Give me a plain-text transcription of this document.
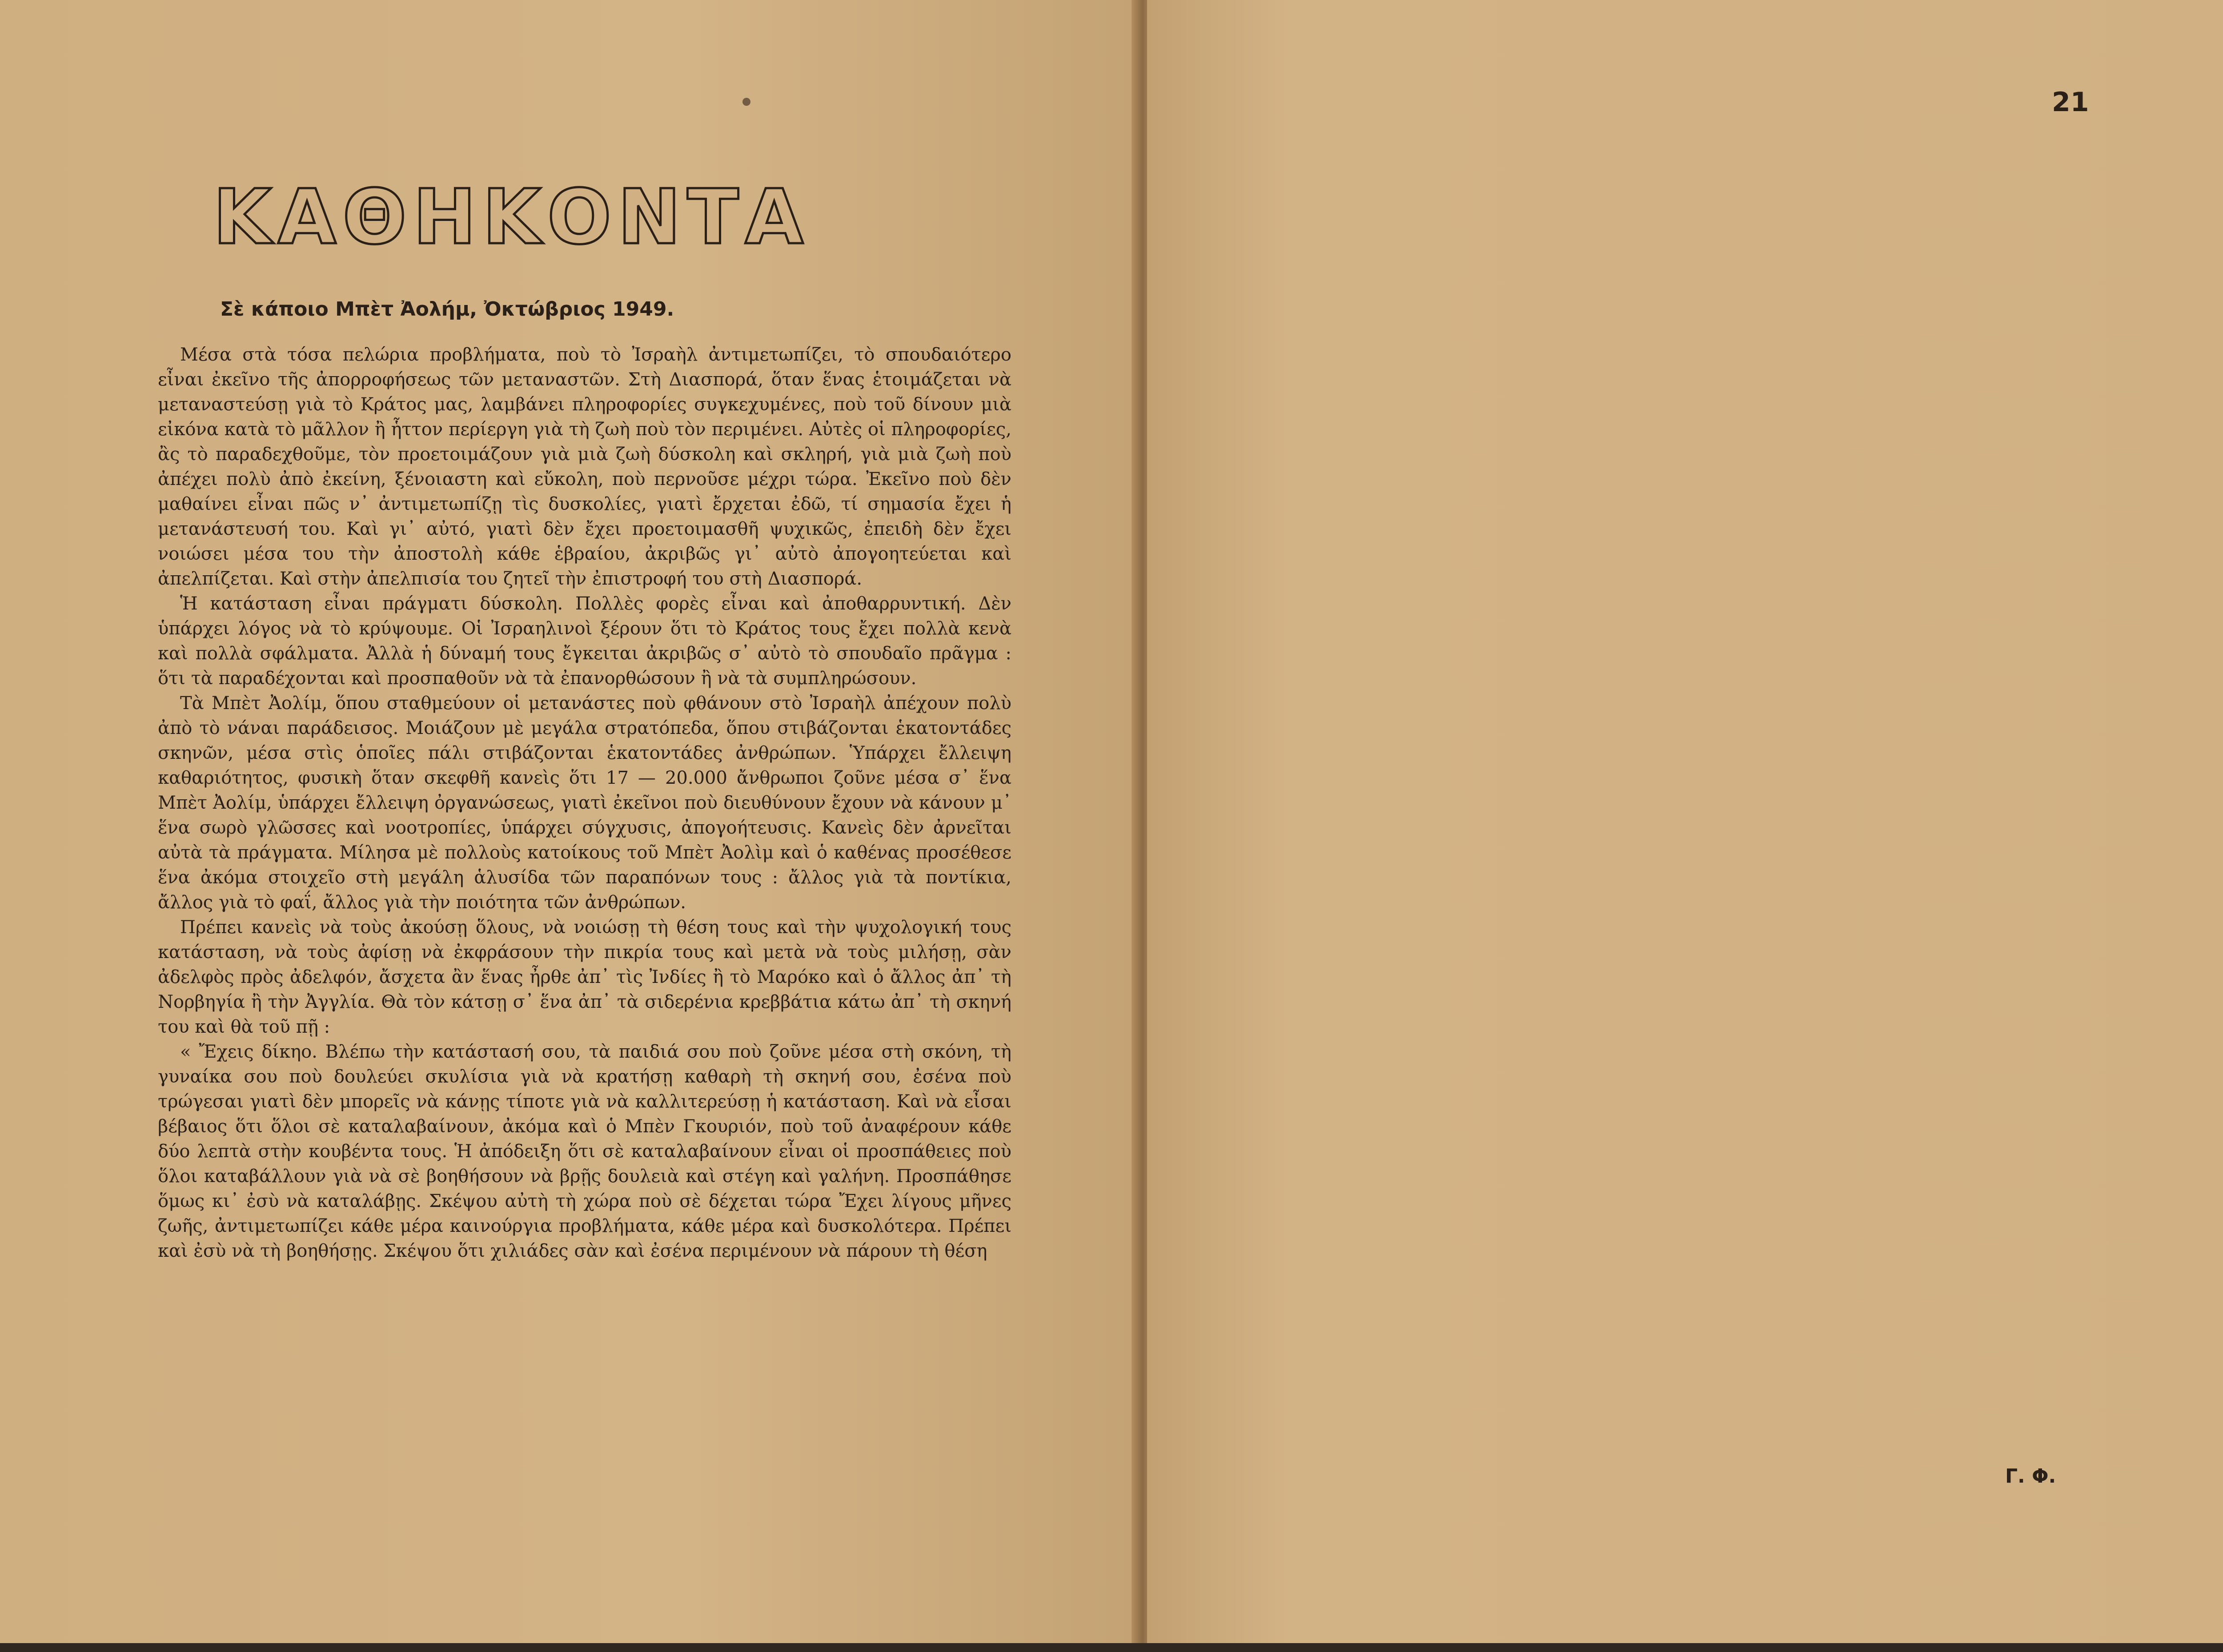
ΚΑΘΗΚΟΝΤΑ
Σὲ κάποιο Μπὲτ Ἀολήμ, Ὀκτώβριος 1949.

Μέσα στὰ τόσα πελώρια προβλήματα, ποὺ τὸ Ἰσραὴλ ἀντιμετωπίζει, τὸ σπουδαιότερο εἶναι ἐκεῖνο τῆς ἀπορροφήσεως τῶν μεταναστῶν. Στὴ Διασπορά, ὅταν ἕνας ἑτοιμάζεται νὰ μεταναστεύσῃ γιὰ τὸ Κράτος μας, λαμβάνει πληροφορίες συγκεχυμένες, ποὺ τοῦ δίνουν μιὰ εἰκόνα κατὰ τὸ μᾶλλον ἢ ἧττον περίεργη γιὰ τὴ ζωὴ ποὺ τὸν περιμένει. Αὐτὲς οἱ πληροφορίες, ἂς τὸ παραδεχθοῦμε, τὸν προετοιμάζουν γιὰ μιὰ ζωὴ δύσκολη καὶ σκληρή, γιὰ μιὰ ζωὴ ποὺ ἀπέχει πολὺ ἀπὸ ἐκείνη, ξένοιαστη καὶ εὔκολη, ποὺ περνοῦσε μέχρι τώρα. Ἐκεῖνο ποὺ δὲν μαθαίνει εἶναι πῶς ν᾽ ἀντιμετωπίζῃ τὶς δυσκολίες, γιατὶ ἔρχεται ἐδῶ, τί σημασία ἔχει ἡ μετανάστευσή του. Καὶ γι᾽ αὐτό, γιατὶ δὲν ἔχει προετοιμασθῆ ψυχικῶς, ἐπειδὴ δὲν ἔχει νοιώσει μέσα του τὴν ἀποστολὴ κάθε ἑβραίου, ἀκριβῶς γι᾽ αὐτὸ ἀπογοητεύεται καὶ ἀπελπίζεται. Καὶ στὴν ἀπελπισία του ζητεῖ τὴν ἐπιστροφή του στὴ Διασπορά.

Ἡ κατάσταση εἶναι πράγματι δύσκολη. Πολλὲς φορὲς εἶναι καὶ ἀποθαρρυντική. Δὲν ὑπάρχει λόγος νὰ τὸ κρύψουμε. Οἱ Ἰσραηλινοὶ ξέρουν ὅτι τὸ Κράτος τους ἔχει πολλὰ κενὰ καὶ πολλὰ σφάλματα. Ἀλλὰ ἡ δύναμή τους ἔγκειται ἀκριβῶς σ᾽ αὐτὸ τὸ σπουδαῖο πρᾶγμα : ὅτι τὰ παραδέχονται καὶ προσπαθοῦν νὰ τὰ ἐπανορθώσουν ἢ νὰ τὰ συμπληρώσουν.

Τὰ Μπὲτ Ἀολίμ, ὅπου σταθμεύουν οἱ μετανάστες ποὺ φθάνουν στὸ Ἰσραὴλ ἀπέχουν πολὺ ἀπὸ τὸ νάναι παράδεισος. Μοιάζουν μὲ μεγάλα στρατόπεδα, ὅπου στιβάζονται ἑκατοντάδες σκηνῶν, μέσα στὶς ὁποῖες πάλι στιβάζονται ἑκατοντάδες ἀνθρώπων. Ὑπάρχει ἔλλειψη καθαριότητος, φυσικὴ ὅταν σκεφθῆ κανεὶς ὅτι 17 — 20.000 ἄνθρωποι ζοῦνε μέσα σ᾽ ἕνα Μπὲτ Ἀολίμ, ὑπάρχει ἔλλειψη ὀργανώσεως, γιατὶ ἐκεῖνοι ποὺ διευθύνουν ἔχουν νὰ κάνουν μ᾽ ἕνα σωρὸ γλῶσσες καὶ νοοτροπίες, ὑπάρχει σύγχυσις, ἀπογοήτευσις. Κανεὶς δὲν ἀρνεῖται αὐτὰ τὰ πράγματα. Μίλησα μὲ πολλοὺς κατοίκους τοῦ Μπὲτ Ἀολὶμ καὶ ὁ καθένας προσέθεσε ἕνα ἀκόμα στοιχεῖο στὴ μεγάλη ἁλυσίδα τῶν παραπόνων τους : ἄλλος γιὰ τὰ ποντίκια, ἄλλος γιὰ τὸ φαΐ, ἄλλος γιὰ τὴν ποιότητα τῶν ἀνθρώπων.

Πρέπει κανεὶς νὰ τοὺς ἀκούσῃ ὅλους, νὰ νοιώσῃ τὴ θέση τους καὶ τὴν ψυχολογική τους κατάσταση, νὰ τοὺς ἀφίσῃ νὰ ἐκφράσουν τὴν πικρία τους καὶ μετὰ νὰ τοὺς μιλήσῃ, σὰν ἀδελφὸς πρὸς ἀδελφόν, ἄσχετα ἂν ἕνας ἦρθε ἀπ᾽ τὶς Ἰνδίες ἢ τὸ Μαρόκο καὶ ὁ ἄλλος ἀπ᾽ τὴ Νορβηγία ἢ τὴν Ἀγγλία. Θὰ τὸν κάτσῃ σ᾽ ἕνα ἀπ᾽ τὰ σιδερένια κρεββάτια κάτω ἀπ᾽ τὴ σκηνή του καὶ θὰ τοῦ πῇ :

« Ἔχεις δίκηο. Βλέπω τὴν κατάστασή σου, τὰ παιδιά σου ποὺ ζοῦνε μέσα στὴ σκόνη, τὴ γυναίκα σου ποὺ δουλεύει σκυλίσια γιὰ νὰ κρατήσῃ καθαρὴ τὴ σκηνή σου, ἐσένα ποὺ τρώγεσαι γιατὶ δὲν μπορεῖς νὰ κάνῃς τίποτε γιὰ νὰ καλλιτερεύσῃ ἡ κατάσταση. Καὶ νὰ εἶσαι βέβαιος ὅτι ὅλοι σὲ καταλαβαίνουν, ἀκόμα καὶ ὁ Μπὲν Γκουριόν, ποὺ τοῦ ἀναφέρουν κάθε δύο λεπτὰ στὴν κουβέντα τους. Ἡ ἀπόδειξη ὅτι σὲ καταλαβαίνουν εἶναι οἱ προσπάθειες ποὺ ὅλοι καταβάλλουν γιὰ νὰ σὲ βοηθήσουν νὰ βρῇς δουλειὰ καὶ στέγη καὶ γαλήνη. Προσπάθησε ὅμως κι᾽ ἐσὺ νὰ καταλάβῃς. Σκέψου αὐτὴ τὴ χώρα ποὺ σὲ δέχεται τώρα Ἔχει λίγους μῆνες ζωῆς, ἀντιμετωπίζει κάθε μέρα καινούργια προβλήματα, κάθε μέρα καὶ δυσκολότερα. Πρέπει καὶ ἐσὺ νὰ τὴ βοηθήσῃς. Σκέψου ὅτι χιλιάδες σὰν καὶ ἐσένα περιμένουν νὰ πάρουν τὴ θέση

21
Γ. Φ.
